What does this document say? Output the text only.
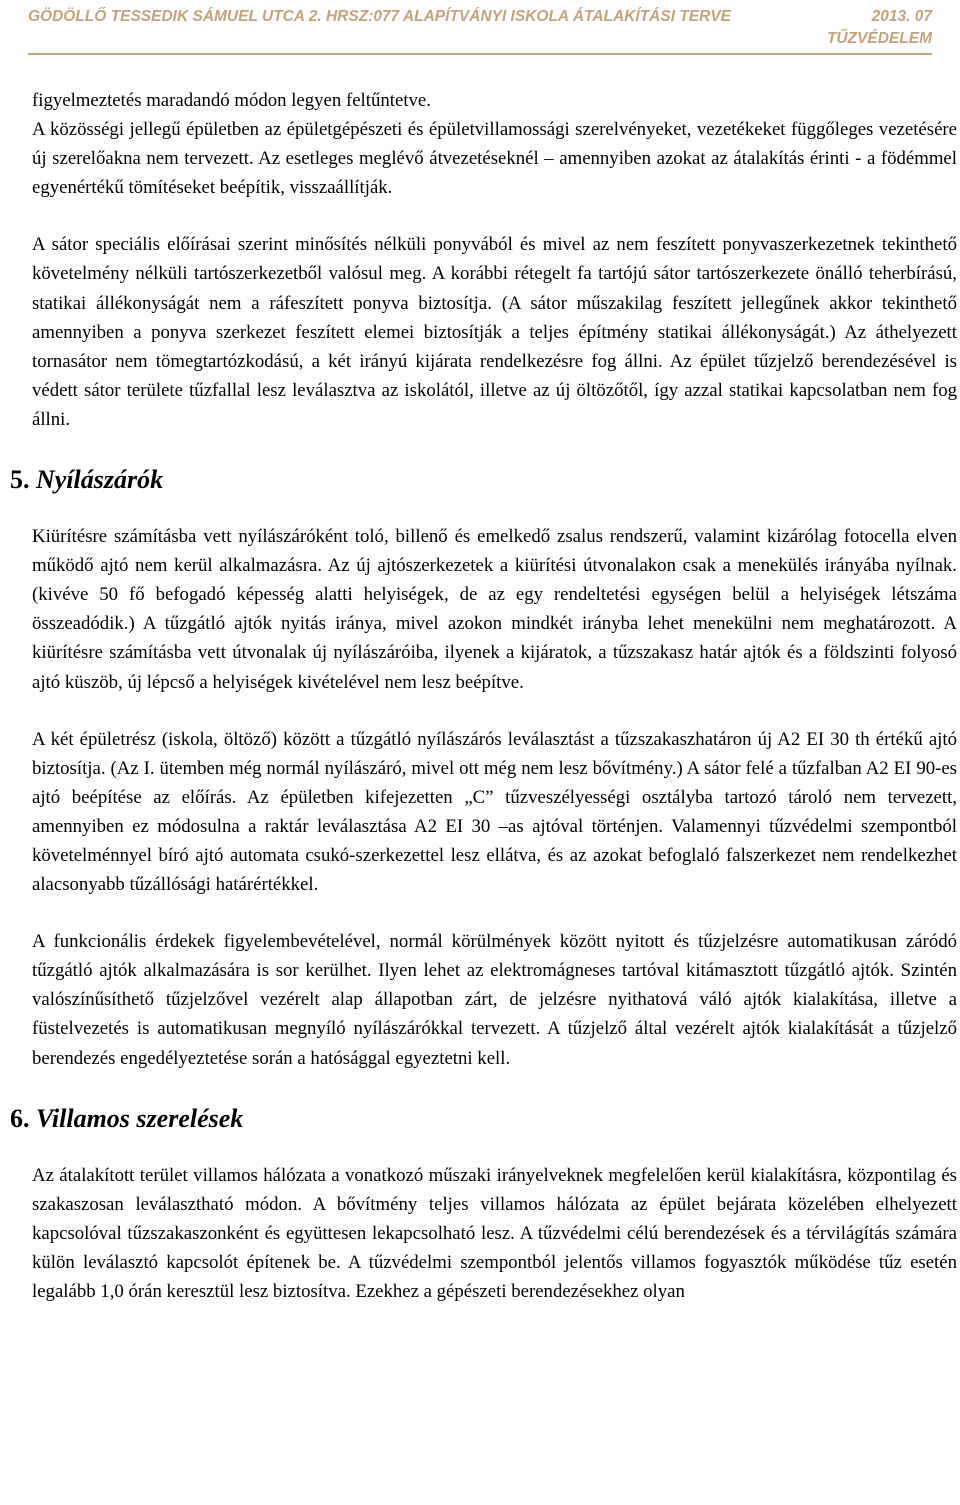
GÖDÖLLŐ TESSEDIK SÁMUEL UTCA 2. HRSZ:077 ALAPÍTVÁNYI ISKOLA ÁTALAKÍTÁSI TERVE	2013. 07
TŰZVÉDELEM

figyelmeztetés maradandó módon legyen feltűntetve.
A közösségi jellegű épületben az épületgépészeti és épületvillamossági szerelvényeket, vezetékeket függőleges vezetésére új szerelőakna nem tervezett. Az esetleges meglévő átvezetéseknél – amennyiben azokat az átalakítás érinti - a födémmel egyenértékű tömítéseket beépítik, visszaállítják.

A sátor speciális előírásai szerint minősítés nélküli ponyvából és mivel az nem feszített ponyvaszerkezetnek tekinthető követelmény nélküli tartószerkezetből valósul meg. A korábbi rétegelt fa tartójú sátor tartószerkezete önálló teherbírású, statikai állékonyságát nem a ráfeszített ponyva biztosítja. (A sátor műszakilag feszített jellegűnek akkor tekinthető amennyiben a ponyva szerkezet feszített elemei biztosítják a teljes építmény statikai állékonyságát.) Az áthelyezett tornasátor nem tömegtartózkodású, a két irányú kijárata rendelkezésre fog állni. Az épület tűzjelző berendezésével is védett sátor területe tűzfallal lesz leválasztva az iskolától, illetve az új öltözőtől, így azzal statikai kapcsolatban nem fog állni.

5. Nyílászárók

Kiürítésre számításba vett nyílászáróként toló, billenő és emelkedő zsalus rendszerű, valamint kizárólag fotocella elven működő ajtó nem kerül alkalmazásra. Az új ajtószerkezetek a kiürítési útvonalakon csak a menekülés irányába nyílnak. (kivéve 50 fő befogadó képesség alatti helyiségek, de az egy rendeltetési egységen belül a helyiségek létszáma összeadódik.) A tűzgátló ajtók nyitás iránya, mivel azokon mindkét irányba lehet menekülni nem meghatározott. A kiürítésre számításba vett útvonalak új nyílászáróiba, ilyenek a kijáratok, a tűzszakasz határ ajtók és a földszinti folyosó ajtó küszöb, új lépcső a helyiségek kivételével nem lesz beépítve.

A két épületrész (iskola, öltöző) között a tűzgátló nyílászárós leválasztást a tűzszakaszhatáron új A2 EI 30 th értékű ajtó biztosítja. (Az I. ütemben még normál nyílászáró, mivel ott még nem lesz bővítmény.) A sátor felé a tűzfalban A2 EI 90-es ajtó beépítése az előírás. Az épületben kifejezetten „C” tűzveszélyességi osztályba tartozó tároló nem tervezett, amennyiben ez módosulna a raktár leválasztása A2 EI 30 –as ajtóval történjen. Valamennyi tűzvédelmi szempontból követelménnyel bíró ajtó automata csukó-szerkezettel lesz ellátva, és az azokat befoglaló falszerkezet nem rendelkezhet alacsonyabb tűzállósági határértékkel.

A funkcionális érdekek figyelembevételével, normál körülmények között nyitott és tűzjelzésre automatikusan záródó tűzgátló ajtók alkalmazására is sor kerülhet. Ilyen lehet az elektromágneses tartóval kitámasztott tűzgátló ajtók. Szintén valószínűsíthető tűzjelzővel vezérelt alap állapotban zárt, de jelzésre nyithatová váló ajtók kialakítása, illetve a füstelvezetés is automatikusan megnyíló nyílászárókkal tervezett. A tűzjelző által vezérelt ajtók kialakítását a tűzjelző berendezés engedélyeztetése során a hatósággal egyeztetni kell.

6. Villamos szerelések

Az átalakított terület villamos hálózata a vonatkozó műszaki irányelveknek megfelelően kerül kialakításra, központilag és szakaszosan leválasztható módon. A bővítmény teljes villamos hálózata az épület bejárata közelében elhelyezett kapcsolóval tűzszakaszonként és együttesen lekapcsolható lesz. A tűzvédelmi célú berendezések és a térvilágítás számára külön leválasztó kapcsolót építenek be. A tűzvédelmi szempontból jelentős villamos fogyasztók működése tűz esetén legalább 1,0 órán keresztül lesz biztosítva. Ezekhez a gépészeti berendezésekhez olyan
